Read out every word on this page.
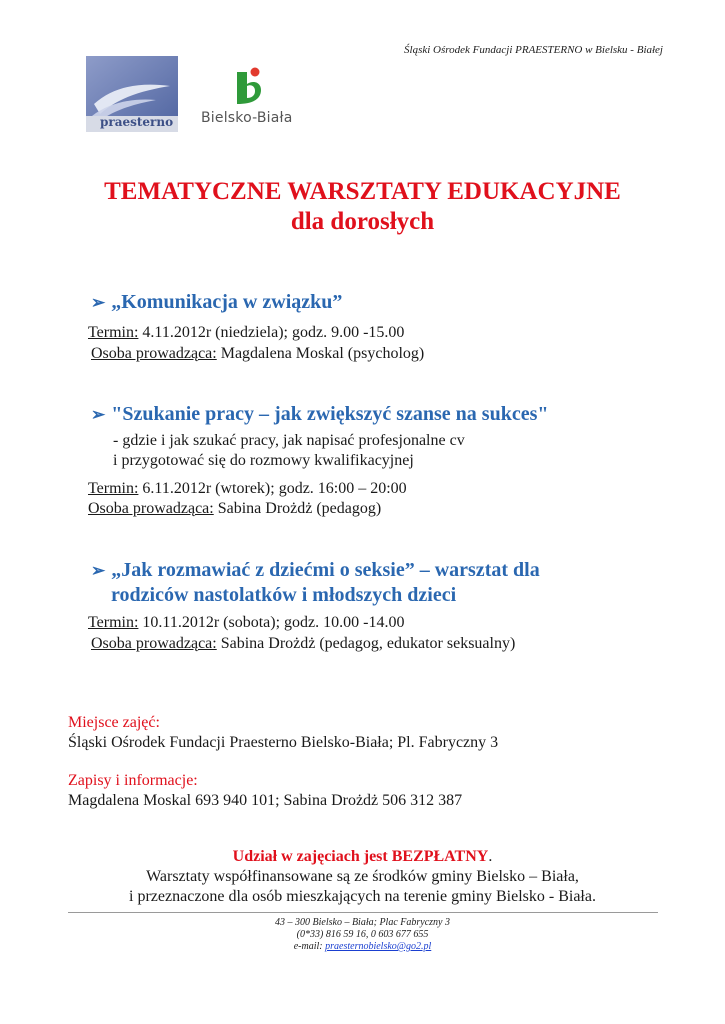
Śląski Ośrodek Fundacji PRAESTERNO w Bielsku - Białej
praesterno Bielsko-Biała
TEMATYCZNE WARSZTATY EDUKACYJNE
dla dorosłych
➢ „Komunikacja w związku”
Termin: 4.11.2012r (niedziela); godz. 9.00 -15.00
Osoba prowadząca: Magdalena Moskal (psycholog)
➢ "Szukanie pracy – jak zwiększyć szanse na sukces"
- gdzie i jak szukać pracy, jak napisać profesjonalne cv
i przygotować się do rozmowy kwalifikacyjnej
Termin: 6.11.2012r (wtorek); godz. 16:00 – 20:00
Osoba prowadząca: Sabina Drożdż (pedagog)
➢ „Jak rozmawiać z dziećmi o seksie” – warsztat dla
rodziców nastolatków i młodszych dzieci
Termin: 10.11.2012r (sobota); godz. 10.00 -14.00
Osoba prowadząca: Sabina Drożdż (pedagog, edukator seksualny)
Miejsce zajęć:
Śląski Ośrodek Fundacji Praesterno Bielsko-Biała; Pl. Fabryczny 3
Zapisy i informacje:
Magdalena Moskal 693 940 101; Sabina Drożdż 506 312 387
Udział w zajęciach jest BEZPŁATNY.
Warsztaty współfinansowane są ze środków gminy Bielsko – Biała,
i przeznaczone dla osób mieszkających na terenie gminy Bielsko - Biała.
43 – 300 Bielsko – Biała; Plac Fabryczny 3
(0*33) 816 59 16, 0 603 677 655
e-mail: praesternobielsko@go2.pl
